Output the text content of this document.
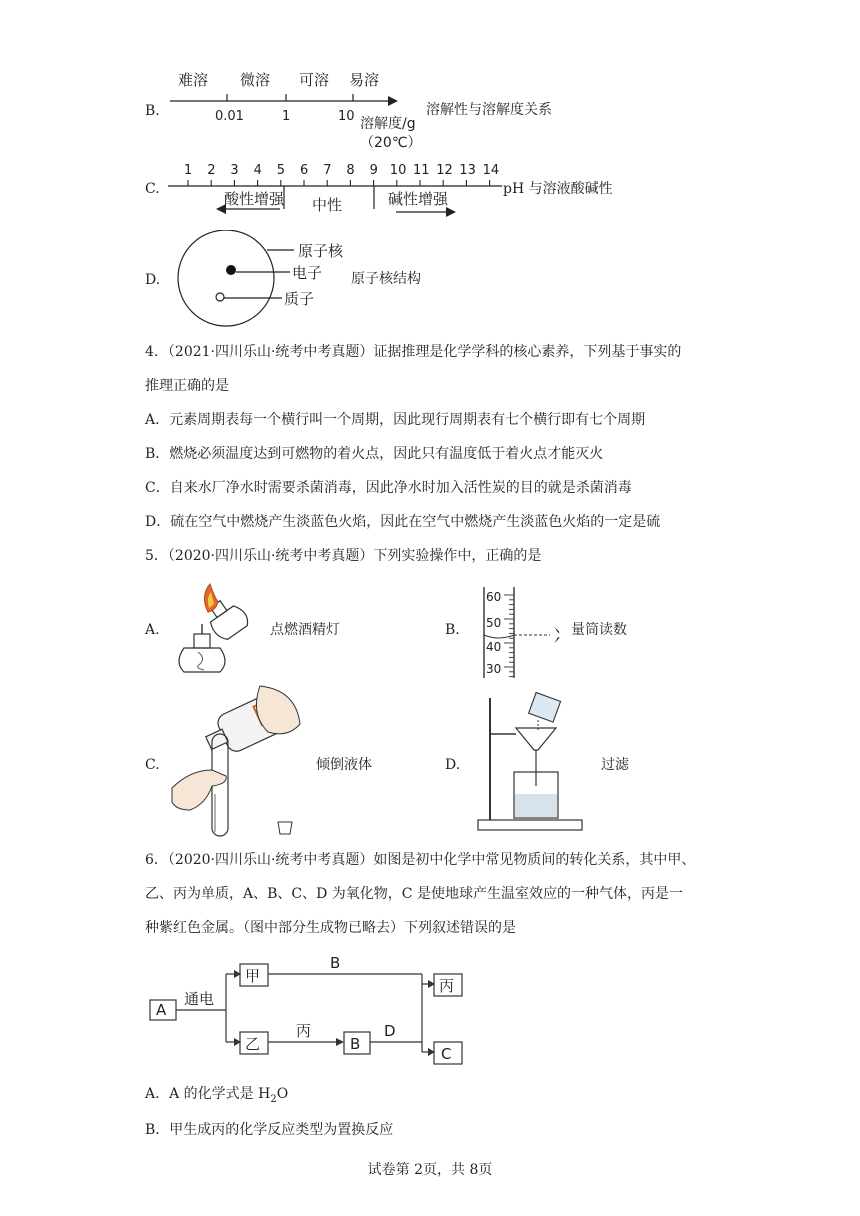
B.
难溶 微溶 可溶 易溶
0.01	1	10 溶解度/g
（20℃）
溶解性与溶解度关系
C.
1 2 3 4 5 6 7 8 9 10 11 12 13 14
酸性增强 中性	碱性增强
pH 与溶液酸碱性
D.
原子核
电子
质子
原子核结构
4．（2021·四川乐山·统考中考真题）证据推理是化学学科的核心素养，下列基于事实的
推理正确的是
A．元素周期表每一个横行叫一个周期，因此现行周期表有七个横行即有七个周期
B．燃烧必须温度达到可燃物的着火点，因此只有温度低于着火点才能灭火
C．自来水厂净水时需要杀菌消毒，因此净水时加入活性炭的目的就是杀菌消毒
D．硫在空气中燃烧产生淡蓝色火焰，因此在空气中燃烧产生淡蓝色火焰的一定是硫
5．（2020·四川乐山·统考中考真题）下列实验操作中，正确的是
A.	点燃酒精灯	B.
60
50
40
30
量筒读数
C.	倾倒液体	D.	过滤
6．（2020·四川乐山·统考中考真题）如图是初中化学中常见物质间的转化关系，其中甲、
乙、丙为单质，A、B、C、D 为氧化物，C 是使地球产生温室效应的一种气体，丙是一
种紫红色金属。（图中部分生成物已略去）下列叙述错误的是
A
甲
乙	B
丙
C
通电
B
丙	D
A．A 的化学式是 $H_2O$
B．甲生成丙的化学反应类型为置换反应
试卷第 2页，共 8页
